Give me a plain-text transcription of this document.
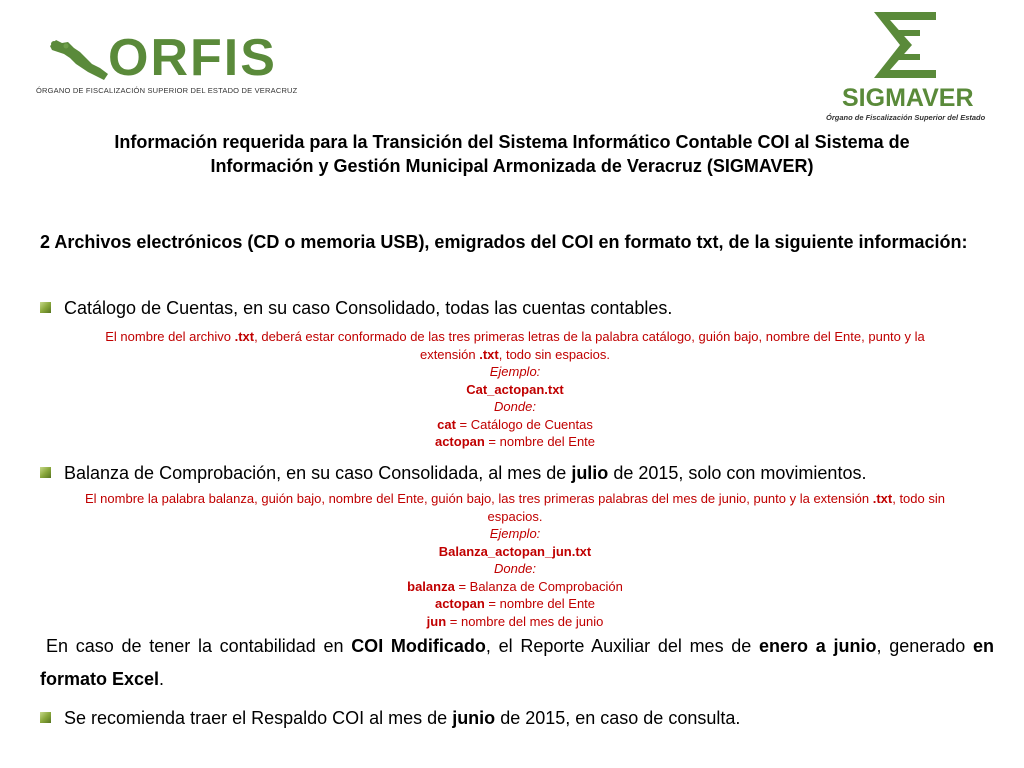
ORFIS
ÓRGANO DE FISCALIZACIÓN SUPERIOR DEL ESTADO DE VERACRUZ	SIGMAVER
Órgano de Fiscalización Superior del Estado
Información requerida para la Transición del Sistema Informático Contable COI al Sistema de
Información y Gestión Municipal Armonizada de Veracruz (SIGMAVER)
2 Archivos electrónicos (CD o memoria USB), emigrados del COI en formato txt, de la siguiente información:
Catálogo de Cuentas, en su caso Consolidado, todas las cuentas contables.
El nombre del archivo .txt, deberá estar conformado de las tres primeras letras de la palabra catálogo, guión bajo, nombre del Ente, punto y la
extensión .txt, todo sin espacios.
Ejemplo:
Cat_actopan.txt
Donde:
cat = Catálogo de Cuentas
actopan = nombre del Ente
Balanza de Comprobación, en su caso Consolidada, al mes de julio de 2015, solo con movimientos.
El nombre la palabra balanza, guión bajo, nombre del Ente, guión bajo, las tres primeras palabras del mes de junio, punto y la extensión .txt, todo sin
espacios.
Ejemplo:
Balanza_actopan_jun.txt
Donde:
balanza = Balanza de Comprobación
actopan = nombre del Ente
jun = nombre del mes de junio
En caso de tener la contabilidad en COI Modificado, el Reporte Auxiliar del mes de enero a junio, generado en formato Excel.
Se recomienda traer el Respaldo COI al mes de junio de 2015, en caso de consulta.
